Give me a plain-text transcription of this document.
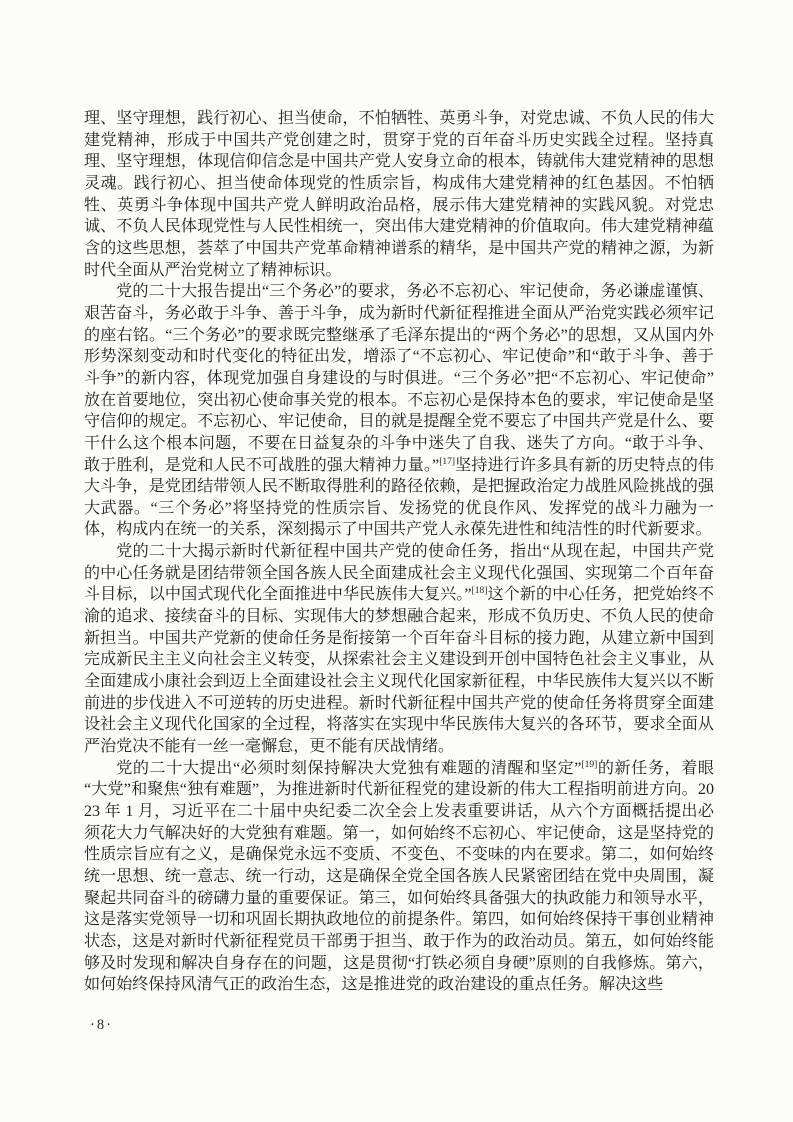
理、坚守理想，践行初心、担当使命，不怕牺牲、英勇斗争，对党忠诚、不负人民的伟大建党精神，形成于中国共产党创建之时，贯穿于党的百年奋斗历史实践全过程。坚持真理、坚守理想，体现信仰信念是中国共产党人安身立命的根本，铸就伟大建党精神的思想灵魂。践行初心、担当使命体现党的性质宗旨，构成伟大建党精神的红色基因。不怕牺牲、英勇斗争体现中国共产党人鲜明政治品格，展示伟大建党精神的实践风貌。对党忠诚、不负人民体现党性与人民性相统一，突出伟大建党精神的价值取向。伟大建党精神蕴含的这些思想，荟萃了中国共产党革命精神谱系的精华，是中国共产党的精神之源，为新时代全面从严治党树立了精神标识。

党的二十大报告提出“三个务必”的要求，务必不忘初心、牢记使命，务必谦虚谨慎、艰苦奋斗，务必敢于斗争、善于斗争，成为新时代新征程推进全面从严治党实践必须牢记的座右铭。“三个务必”的要求既完整继承了毛泽东提出的“两个务必”的思想，又从国内外形势深刻变动和时代变化的特征出发，增添了“不忘初心、牢记使命”和“敢于斗争、善于斗争”的新内容，体现党加强自身建设的与时俱进。“三个务必”把“不忘初心、牢记使命”放在首要地位，突出初心使命事关党的根本。不忘初心是保持本色的要求，牢记使命是坚守信仰的规定。不忘初心、牢记使命，目的就是提醒全党不要忘了中国共产党是什么、要干什么这个根本问题，不要在日益复杂的斗争中迷失了自我、迷失了方向。“敢于斗争、敢于胜利，是党和人民不可战胜的强大精神力量。”[17]坚持进行许多具有新的历史特点的伟大斗争，是党团结带领人民不断取得胜利的路径依赖，是把握政治定力战胜风险挑战的强大武器。“三个务必”将坚持党的性质宗旨、发扬党的优良作风、发挥党的战斗力融为一体，构成内在统一的关系，深刻揭示了中国共产党人永葆先进性和纯洁性的时代新要求。

党的二十大揭示新时代新征程中国共产党的使命任务，指出“从现在起，中国共产党的中心任务就是团结带领全国各族人民全面建成社会主义现代化强国、实现第二个百年奋斗目标，以中国式现代化全面推进中华民族伟大复兴。”[18]这个新的中心任务，把党始终不渝的追求、接续奋斗的目标、实现伟大的梦想融合起来，形成不负历史、不负人民的使命新担当。中国共产党新的使命任务是衔接第一个百年奋斗目标的接力跑，从建立新中国到完成新民主主义向社会主义转变，从探索社会主义建设到开创中国特色社会主义事业，从全面建成小康社会到迈上全面建设社会主义现代化国家新征程，中华民族伟大复兴以不断前进的步伐进入不可逆转的历史进程。新时代新征程中国共产党的使命任务将贯穿全面建设社会主义现代化国家的全过程，将落实在实现中华民族伟大复兴的各环节，要求全面从严治党决不能有一丝一毫懈怠，更不能有厌战情绪。

党的二十大提出“必须时刻保持解决大党独有难题的清醒和坚定”[19]的新任务，着眼“大党”和聚焦“独有难题”，为推进新时代新征程党的建设新的伟大工程指明前进方向。2023 年 1 月，习近平在二十届中央纪委二次全会上发表重要讲话，从六个方面概括提出必须花大力气解决好的大党独有难题。第一，如何始终不忘初心、牢记使命，这是坚持党的性质宗旨应有之义，是确保党永远不变质、不变色、不变味的内在要求。第二，如何始终统一思想、统一意志、统一行动，这是确保全党全国各族人民紧密团结在党中央周围，凝聚起共同奋斗的磅礴力量的重要保证。第三，如何始终具备强大的执政能力和领导水平，这是落实党领导一切和巩固长期执政地位的前提条件。第四，如何始终保持干事创业精神状态，这是对新时代新征程党员干部勇于担当、敢于作为的政治动员。第五，如何始终能够及时发现和解决自身存在的问题，这是贯彻“打铁必须自身硬”原则的自我修炼。第六，如何始终保持风清气正的政治生态，这是推进党的政治建设的重点任务。解决这些

·8·
